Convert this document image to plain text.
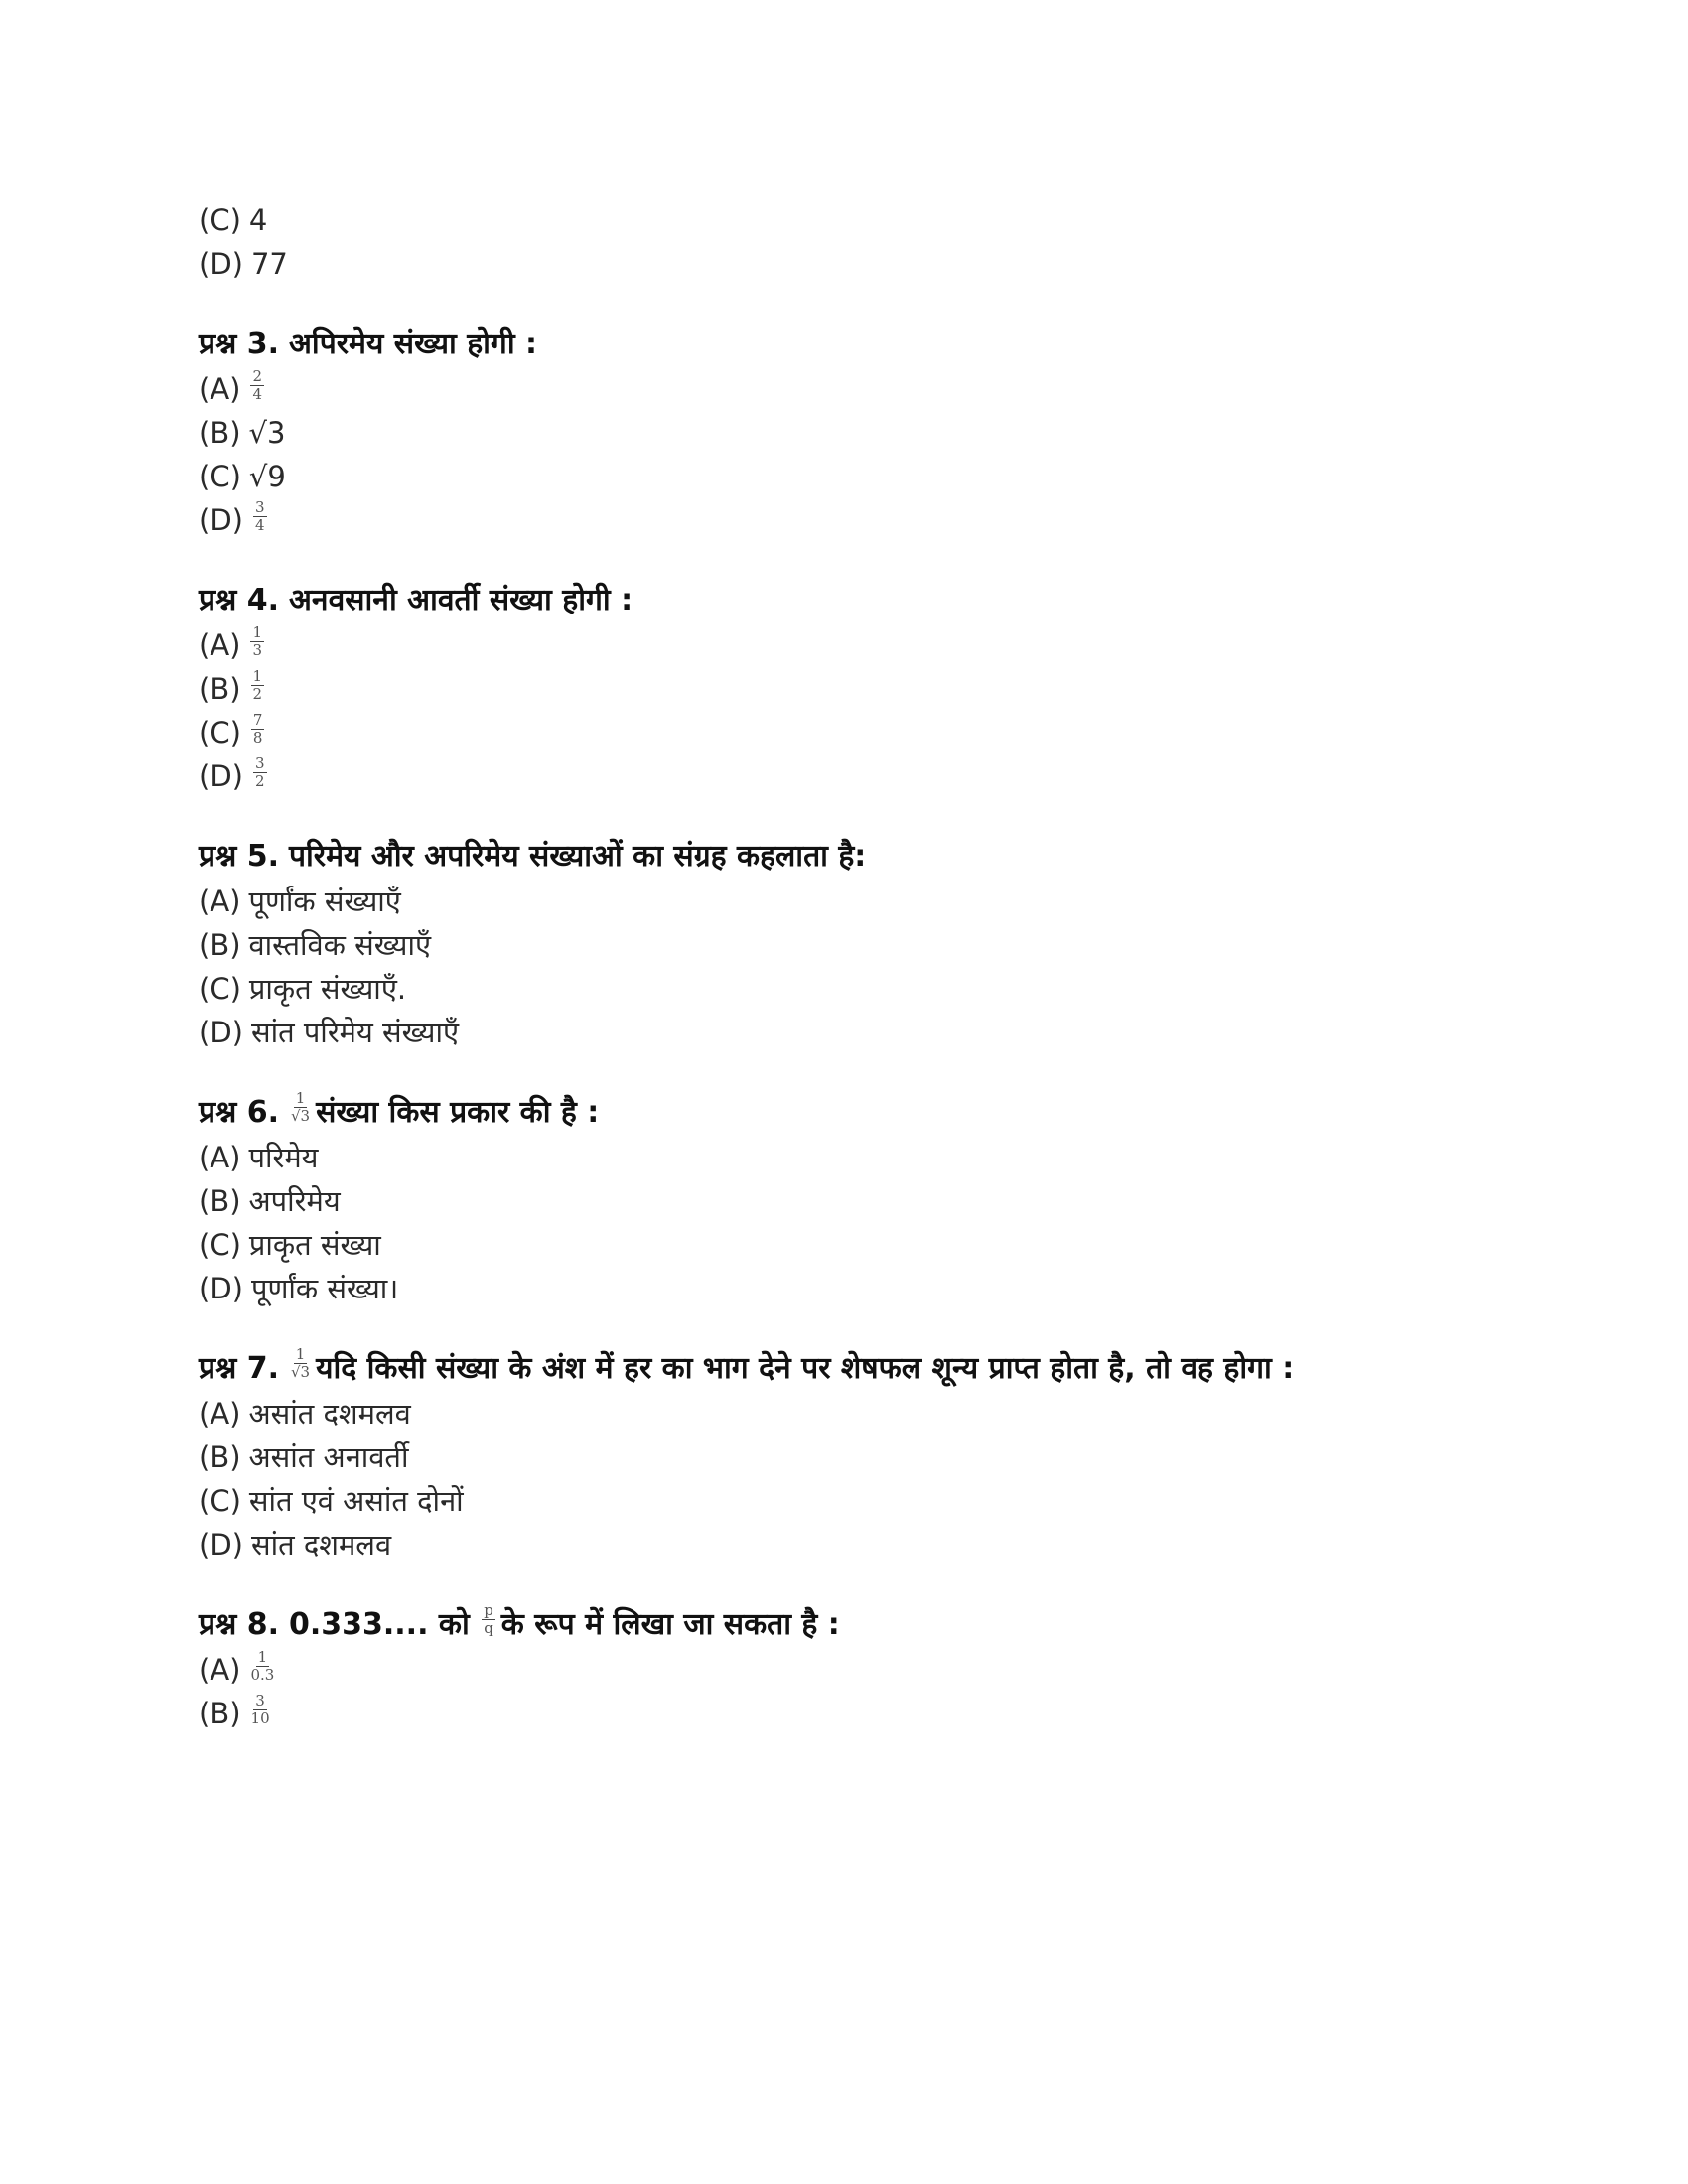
(C) 4
(D) 77
प्रश्न 3. अपिरमेय संख्या होगी :
$(A) \frac{2}{4}$
(B) √3
(C) √9
$(D) \frac{3}{4}$
प्रश्न 4. अनवसानी आवर्ती संख्या होगी :
$(A) \frac{1}{3}$
$(B) \frac{1}{2}$
$(C) \frac{7}{8}$
$(D) \frac{3}{2}$
प्रश्न 5. परिमेय और अपरिमेय संख्याओं का संग्रह कहलाता है:
(A) पूर्णांक संख्याएँ
(B) वास्तविक संख्याएँ
(C) प्राकृत संख्याएँ.
(D) सांत परिमेय संख्याएँ
प्रश्न 6. $\frac{1}{√3}$ संख्या किस प्रकार की है :
(A) परिमेय
(B) अपरिमेय
(C) प्राकृत संख्या
(D) पूर्णांक संख्या।
प्रश्न 7. $\frac{1}{√3}$ यदि किसी संख्या के अंश में हर का भाग देने पर शेषफल शून्य प्राप्त होता है, तो वह होगा :
(A) असांत दशमलव
(B) असांत अनावर्ती
(C) सांत एवं असांत दोनों
(D) सांत दशमलव
प्रश्न 8. 0.333.... को $\frac{p}{q}$ के रूप में लिखा जा सकता है :
$(A) \frac{1}{0.3}$
$(B) \frac{3}{10}$
